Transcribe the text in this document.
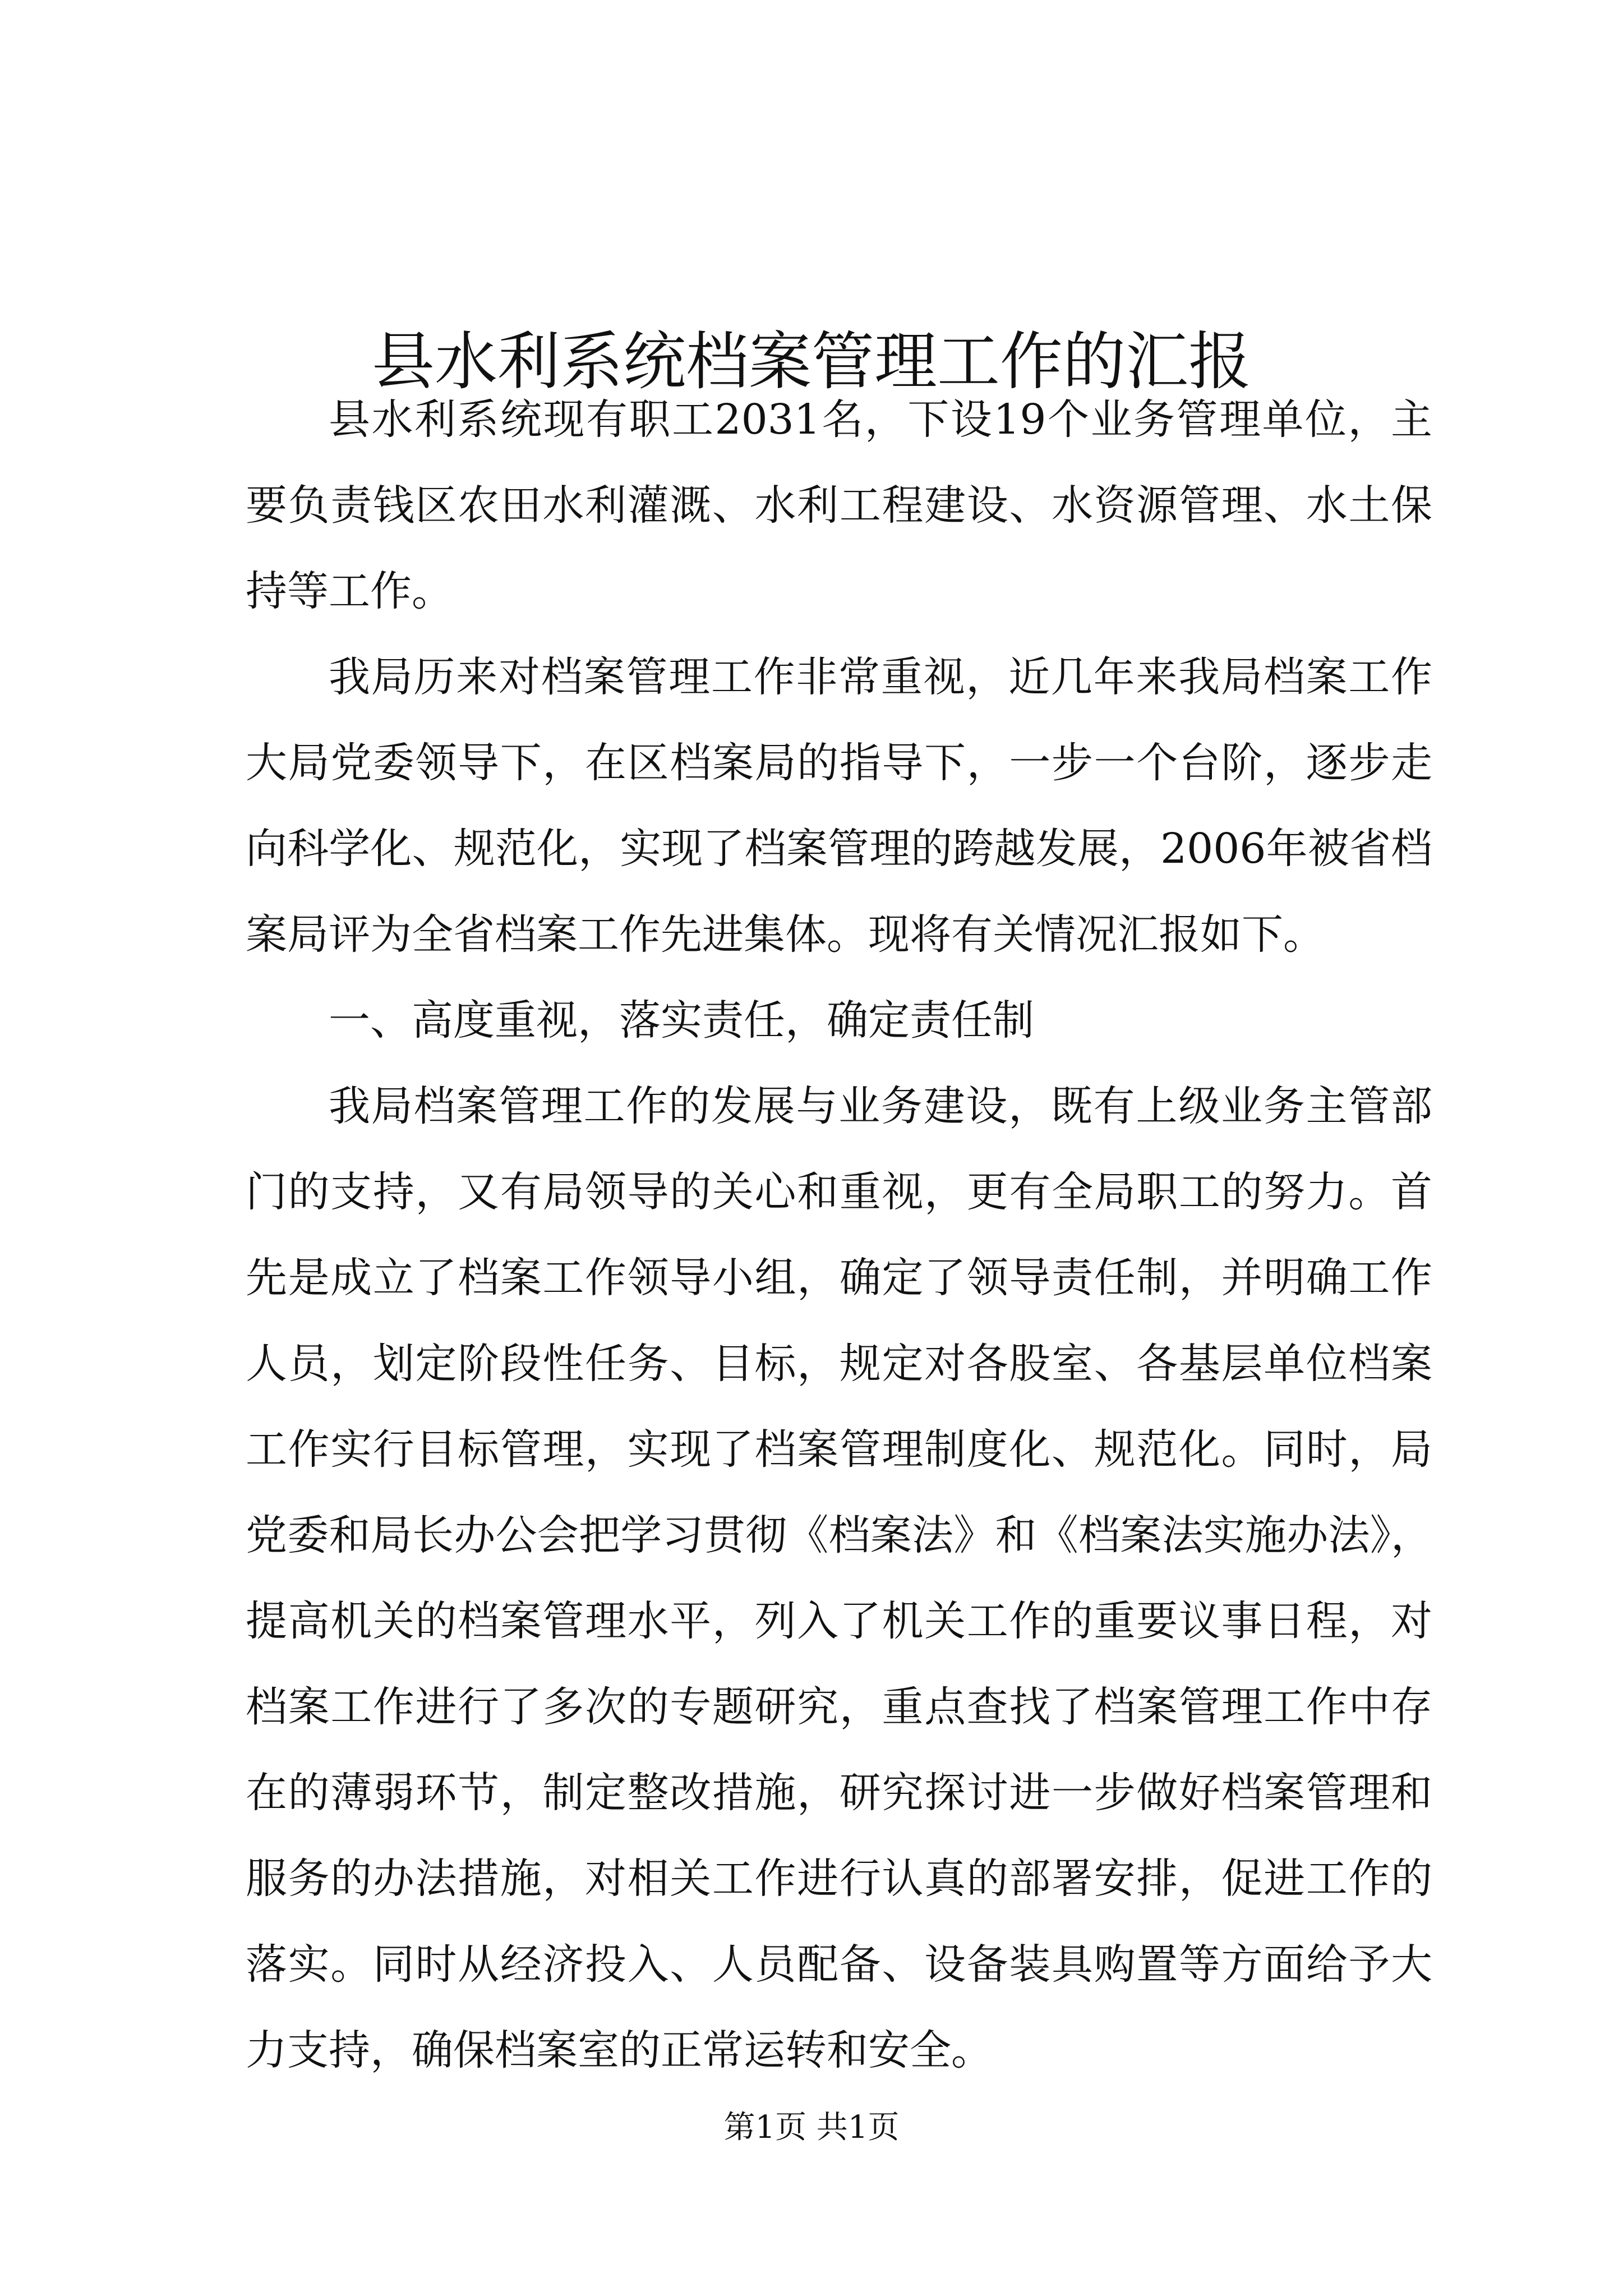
县水利系统档案管理工作的汇报

县水利系统现有职工2031名，下设19个业务管理单位，主要负责钱区农田水利灌溉、水利工程建设、水资源管理、水土保持等工作。

我局历来对档案管理工作非常重视，近几年来我局档案工作大局党委领导下，在区档案局的指导下，一步一个台阶，逐步走向科学化、规范化，实现了档案管理的跨越发展，2006年被省档案局评为全省档案工作先进集体。现将有关情况汇报如下。

一、高度重视，落实责任，确定责任制

我局档案管理工作的发展与业务建设，既有上级业务主管部门的支持，又有局领导的关心和重视，更有全局职工的努力。首先是成立了档案工作领导小组，确定了领导责任制，并明确工作人员，划定阶段性任务、目标，规定对各股室、各基层单位档案工作实行目标管理，实现了档案管理制度化、规范化。同时，局党委和局长办公会把学习贯彻《档案法》和《档案法实施办法》，提高机关的档案管理水平，列入了机关工作的重要议事日程，对档案工作进行了多次的专题研究，重点查找了档案管理工作中存在的薄弱环节，制定整改措施，研究探讨进一步做好档案管理和服务的办法措施，对相关工作进行认真的部署安排，促进工作的落实。同时从经济投入、人员配备、设备装具购置等方面给予大力支持，确保档案室的正常运转和安全。

第1页 共1页
